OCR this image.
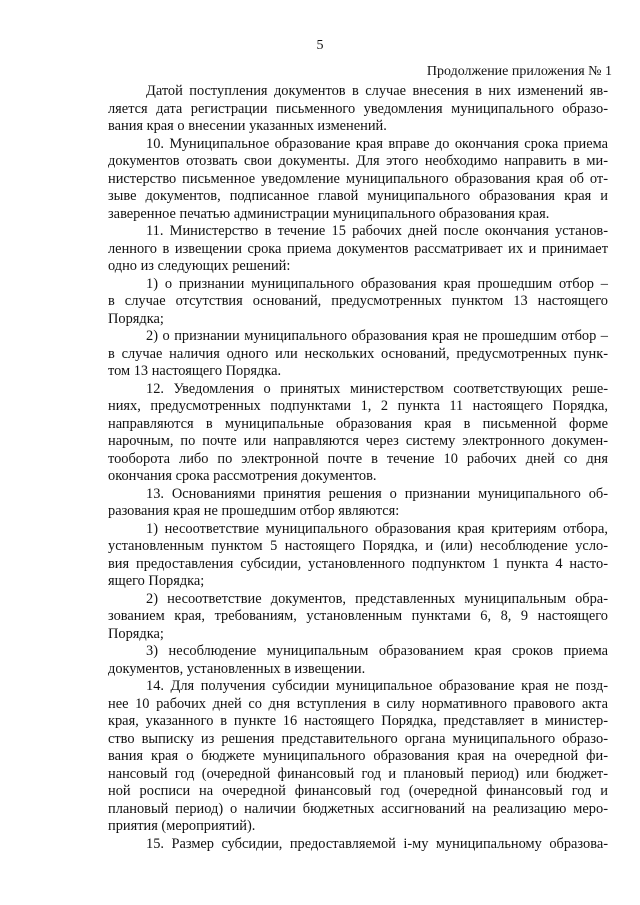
5
Продолжение приложения № 1

Датой поступления документов в случае внесения в них изменений яв-
ляется дата регистрации письменного уведомления муниципального образо-
вания края о внесении указанных изменений.

10. Муниципальное образование края вправе до окончания срока приема
документов отозвать свои документы. Для этого необходимо направить в ми-
нистерство письменное уведомление муниципального образования края об от-
зыве документов, подписанное главой муниципального образования края и
заверенное печатью администрации муниципального образования края.

11. Министерство в течение 15 рабочих дней после окончания установ-
ленного в извещении срока приема документов рассматривает их и принимает
одно из следующих решений:

1) о признании муниципального образования края прошедшим отбор –
в случае отсутствия оснований, предусмотренных пунктом 13 настоящего
Порядка;

2) о признании муниципального образования края не прошедшим отбор –
в случае наличия одного или нескольких оснований, предусмотренных пунк-
том 13 настоящего Порядка.

12. Уведомления о принятых министерством соответствующих реше-
ниях, предусмотренных подпунктами 1, 2 пункта 11 настоящего Порядка,
направляются в муниципальные образования края в письменной форме
нарочным, по почте или направляются через систему электронного докумен-
тооборота либо по электронной почте в течение 10 рабочих дней со дня
окончания срока рассмотрения документов.

13. Основаниями принятия решения о признании муниципального об-
разования края не прошедшим отбор являются:

1) несоответствие муниципального образования края критериям отбора,
установленным пунктом 5 настоящего Порядка, и (или) несоблюдение усло-
вия предоставления субсидии, установленного подпунктом 1 пункта 4 насто-
ящего Порядка;

2) несоответствие документов, представленных муниципальным обра-
зованием края, требованиям, установленным пунктами 6, 8, 9 настоящего
Порядка;

3) несоблюдение муниципальным образованием края сроков приема
документов, установленных в извещении.

14. Для получения субсидии муниципальное образование края не позд-
нее 10 рабочих дней со дня вступления в силу нормативного правового акта
края, указанного в пункте 16 настоящего Порядка, представляет в министер-
ство выписку из решения представительного органа муниципального образо-
вания края о бюджете муниципального образования края на очередной фи-
нансовый год (очередной финансовый год и плановый период) или бюджет-
ной росписи на очередной финансовый год (очередной финансовый год и
плановый период) о наличии бюджетных ассигнований на реализацию меро-
приятия (мероприятий).

15. Размер субсидии, предоставляемой i-му муниципальному образова-
